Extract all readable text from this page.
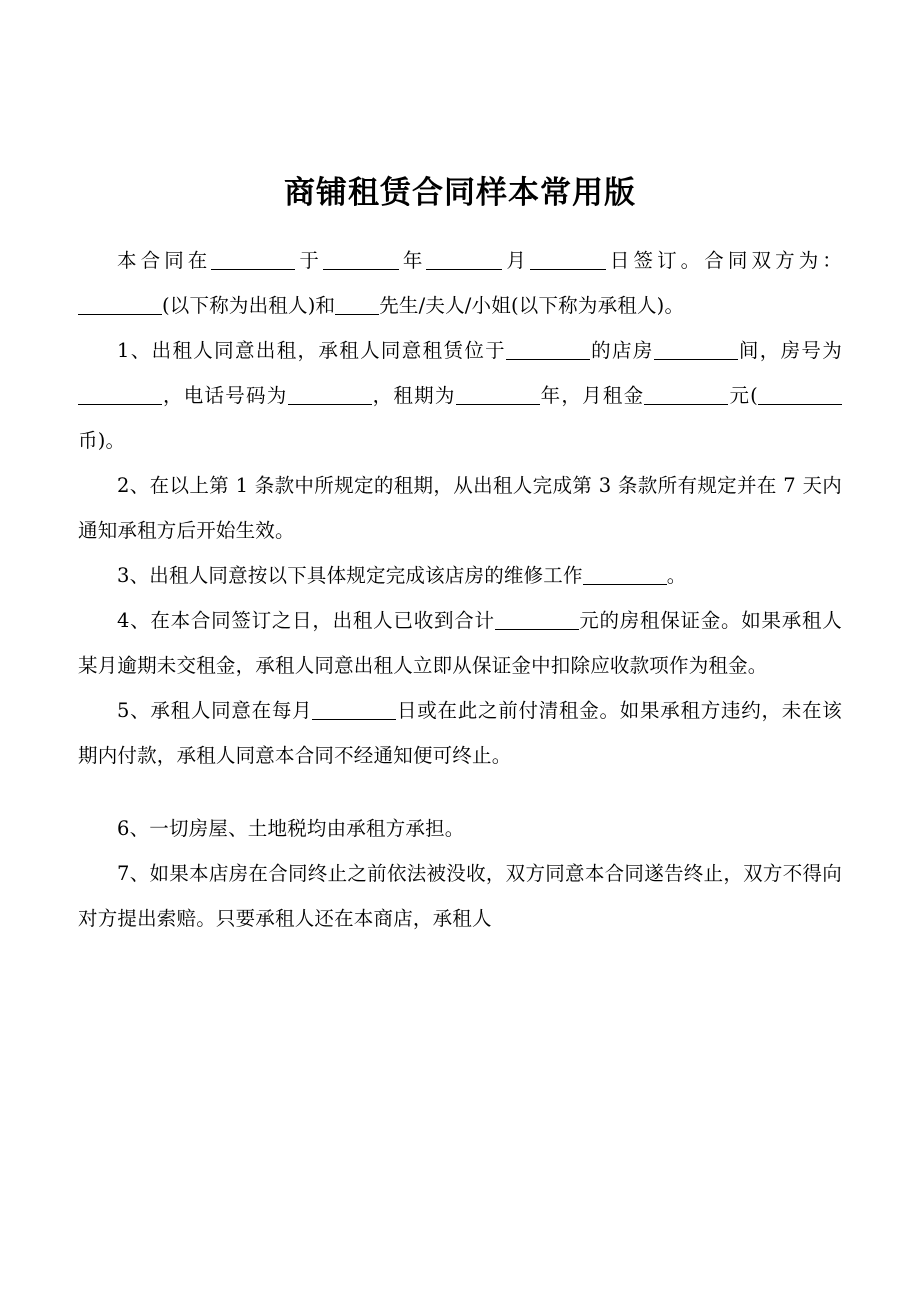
商铺租赁合同样本常用版

本合同在	于	年	月	日签订。合同双方为：(以下称为出租人)和 先生/夫人/小姐(以下称为承租人)。

1、出租人同意出租，承租人同意租赁位于	的店房	间，房号为，电话号码为	，租期为	年，月租金	元(币)。

2、在以上第 1 条款中所规定的租期，从出租人完成第 3 条款所有规定并在 7 天内通知承租方后开始生效。

3、出租人同意按以下具体规定完成该店房的维修工作	。

4、在本合同签订之日，出租人已收到合计	元的房租保证金。如果承租人某月逾期未交租金，承租人同意出租人立即从保证金中扣除应收款项作为租金。

5、承租人同意在每月	日或在此之前付清租金。如果承租方违约，未在该期内付款，承租人同意本合同不经通知便可终止。

6、一切房屋、土地税均由承租方承担。

7、如果本店房在合同终止之前依法被没收，双方同意本合同遂告终止，双方不得向对方提出索赔。只要承租人还在本商店，承租人
